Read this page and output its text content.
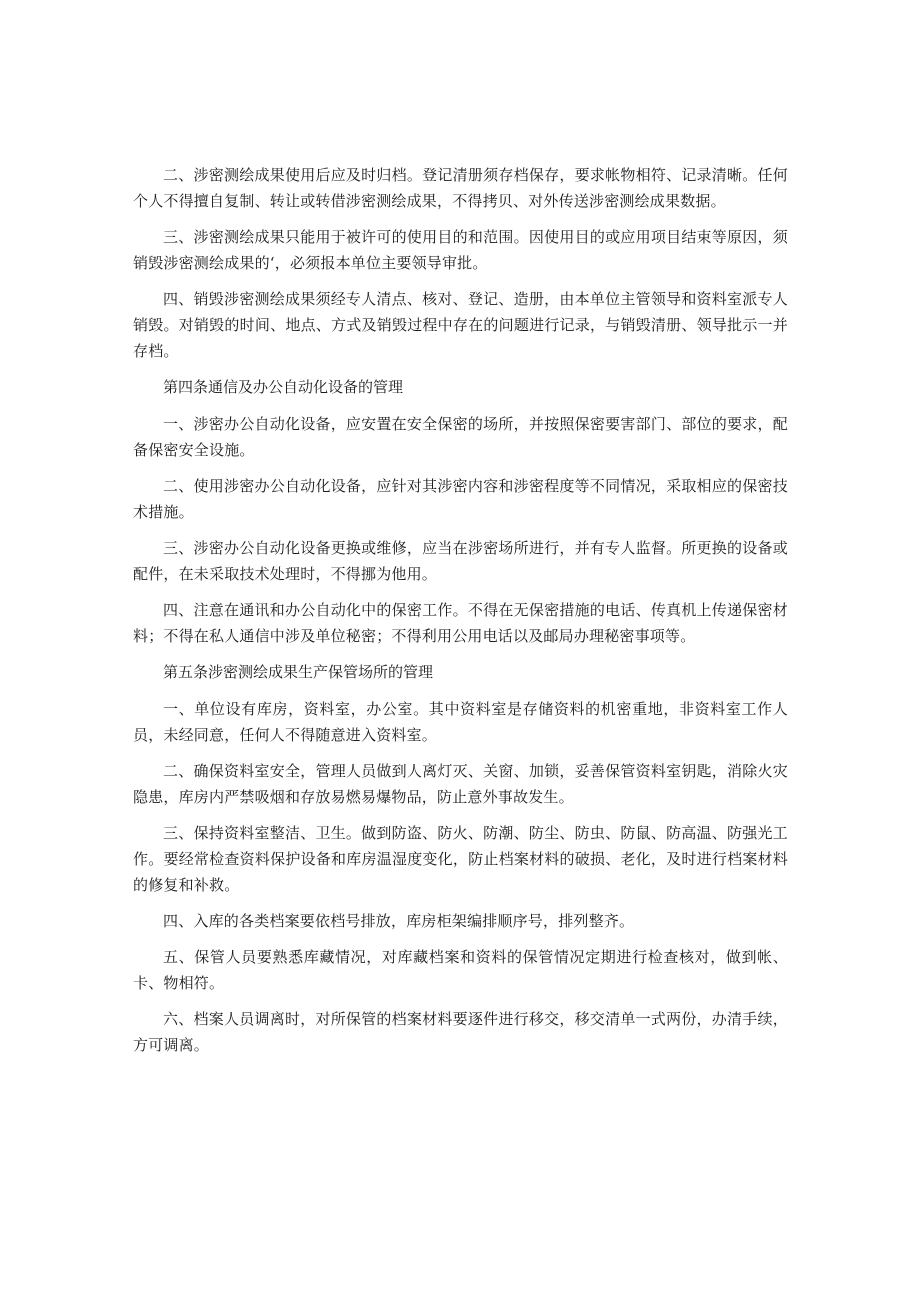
二、涉密测绘成果使用后应及时归档。登记清册须存档保存，要求帐物相符、记录清晰。任何个人不得擅自复制、转让或转借涉密测绘成果，不得拷贝、对外传送涉密测绘成果数据。

三、涉密测绘成果只能用于被许可的使用目的和范围。因使用目的或应用项目结束等原因，须销毁涉密测绘成果的‘，必须报本单位主要领导审批。

四、销毁涉密测绘成果须经专人清点、核对、登记、造册，由本单位主管领导和资料室派专人销毁。对销毁的时间、地点、方式及销毁过程中存在的问题进行记录，与销毁清册、领导批示一并存档。

第四条通信及办公自动化设备的管理

一、涉密办公自动化设备，应安置在安全保密的场所，并按照保密要害部门、部位的要求，配备保密安全设施。

二、使用涉密办公自动化设备，应针对其涉密内容和涉密程度等不同情况，采取相应的保密技术措施。

三、涉密办公自动化设备更换或维修，应当在涉密场所进行，并有专人监督。所更换的设备或配件，在未采取技术处理时，不得挪为他用。

四、注意在通讯和办公自动化中的保密工作。不得在无保密措施的电话、传真机上传递保密材料；不得在私人通信中涉及单位秘密；不得利用公用电话以及邮局办理秘密事项等。

第五条涉密测绘成果生产保管场所的管理

一、单位设有库房，资料室，办公室。其中资料室是存储资料的机密重地，非资料室工作人员，未经同意，任何人不得随意进入资料室。

二、确保资料室安全，管理人员做到人离灯灭、关窗、加锁，妥善保管资料室钥匙，消除火灾隐患，库房内严禁吸烟和存放易燃易爆物品，防止意外事故发生。

三、保持资料室整洁、卫生。做到防盗、防火、防潮、防尘、防虫、防鼠、防高温、防强光工作。要经常检查资料保护设备和库房温湿度变化，防止档案材料的破损、老化，及时进行档案材料的修复和补救。

四、入库的各类档案要依档号排放，库房柜架编排顺序号，排列整齐。

五、保管人员要熟悉库藏情况，对库藏档案和资料的保管情况定期进行检查核对，做到帐、卡、物相符。

六、档案人员调离时，对所保管的档案材料要逐件进行移交，移交清单一式两份，办清手续，方可调离。
